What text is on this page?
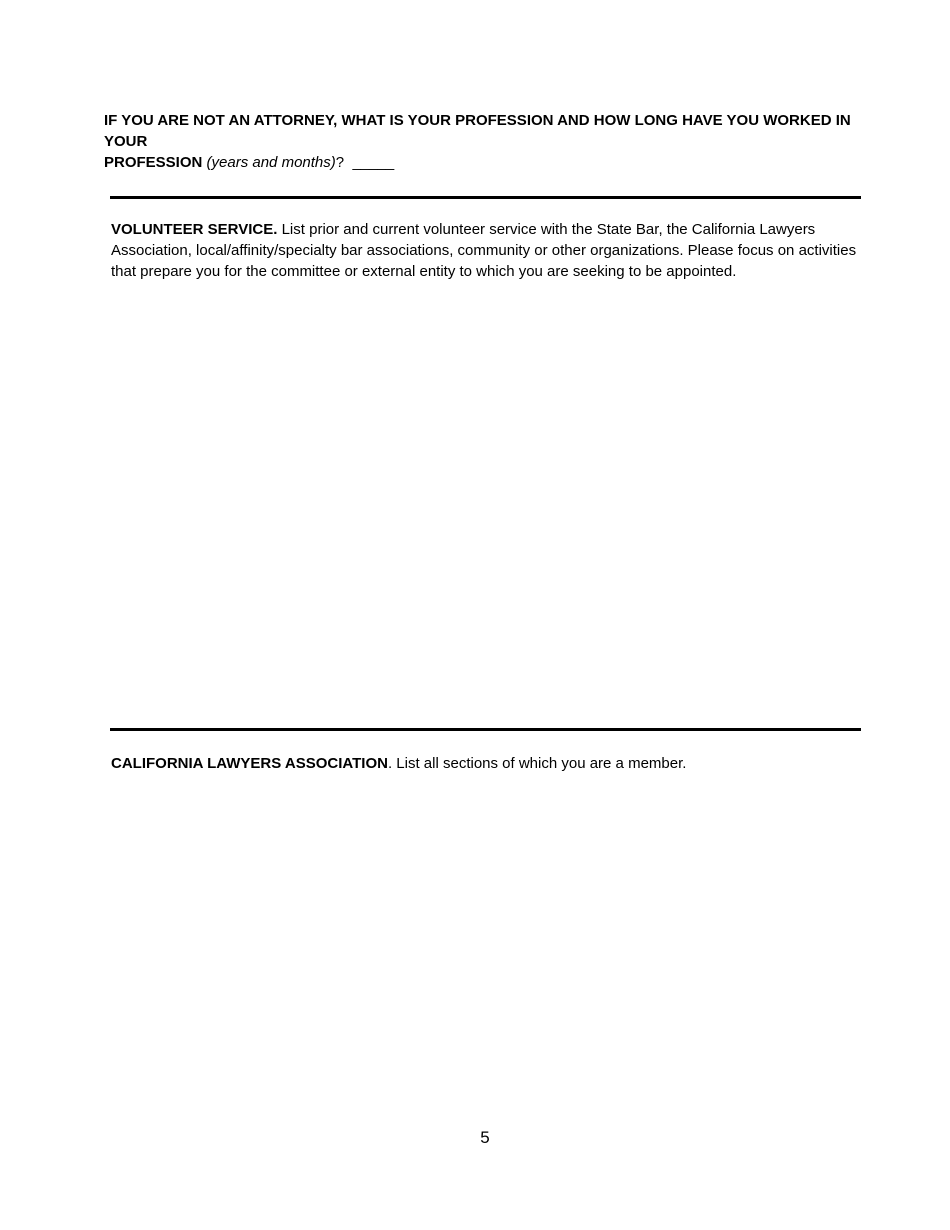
IF YOU ARE NOT AN ATTORNEY, WHAT IS YOUR PROFESSION AND HOW LONG HAVE YOU WORKED IN YOUR
PROFESSION (years and months)? _____
VOLUNTEER SERVICE. List prior and current volunteer service with the State Bar, the California Lawyers Association, local/affinity/specialty bar associations, community or other organizations. Please focus on activities that prepare you for the committee or external entity to which you are seeking to be appointed.
CALIFORNIA LAWYERS ASSOCIATION. List all sections of which you are a member.
5
